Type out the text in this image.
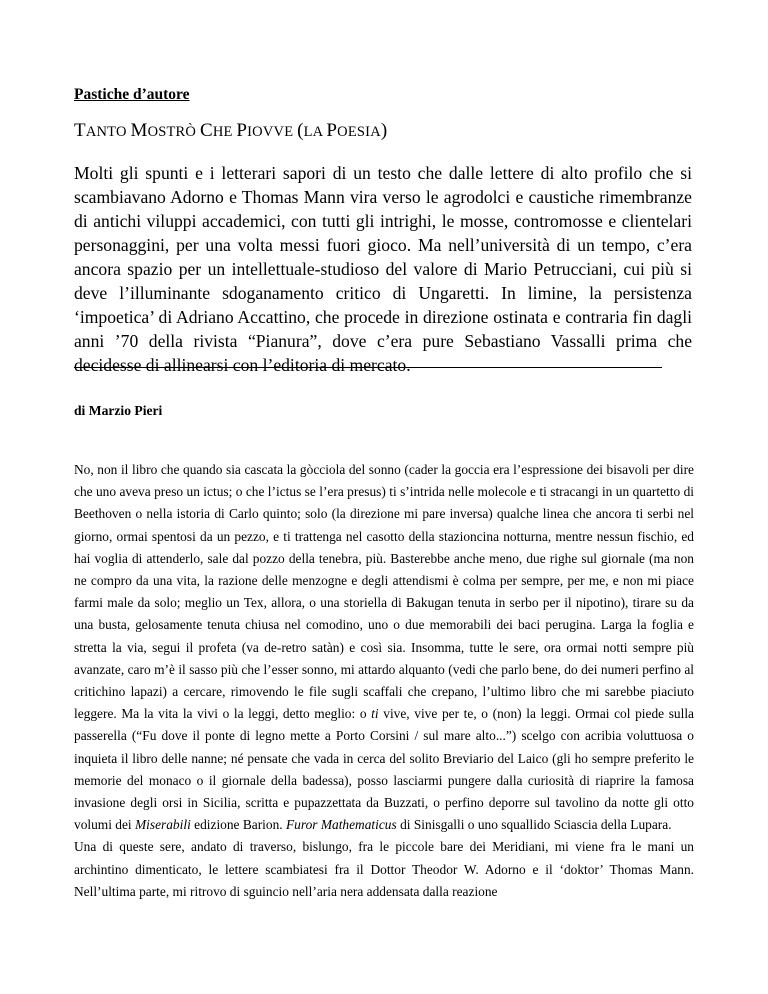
Pastiche d’autore

TANTO MOSTRÒ CHE PIOVVE (LA POESIA)

Molti gli spunti e i letterari sapori di un testo che dalle lettere di alto profilo che si scambiavano Adorno e Thomas Mann vira verso le agrodolci e caustiche rimembranze di antichi viluppi accademici, con tutti gli intrighi, le mosse, contromosse e clientelari personaggini, per una volta messi fuori gioco. Ma nell’università di un tempo, c’era ancora spazio per un intellettuale-studioso del valore di Mario Petrucciani, cui più si deve l’illuminante sdoganamento critico di Ungaretti. In limine, la persistenza ‘impoetica’ di Adriano Accattino, che procede in direzione ostinata e contraria fin dagli anni ’70 della rivista “Pianura”, dove c’era pure Sebastiano Vassalli prima che decidesse di allinearsi con l’editoria di mercato.

di Marzio Pieri

No, non il libro che quando sia cascata la gòcciola del sonno (cader la goccia era l’espressione dei bisavoli per dire che uno aveva preso un ictus; o che l’ictus se l’era presus) ti s’intrida nelle molecole e ti stracangi in un quartetto di Beethoven o nella istoria di Carlo quinto; solo (la direzione mi pare inversa) qualche linea che ancora ti serbi nel giorno, ormai spentosi da un pezzo, e ti trattenga nel casotto della stazioncina notturna, mentre nessun fischio, ed hai voglia di attenderlo, sale dal pozzo della tenebra, più. Basterebbe anche meno, due righe sul giornale (ma non ne compro da una vita, la razione delle menzogne e degli attendismi è colma per sempre, per me, e non mi piace farmi male da solo; meglio un Tex, allora, o una storiella di Bakugan tenuta in serbo per il nipotino), tirare su da una busta, gelosamente tenuta chiusa nel comodino, uno o due memorabili dei baci perugina. Larga la foglia e stretta la via, segui il profeta (va de-retro satàn) e così sia. Insomma, tutte le sere, ora ormai notti sempre più avanzate, caro m’è il sasso più che l’esser sonno, mi attardo alquanto (vedi che parlo bene, do dei numeri perfino al critichino lapazi) a cercare, rimovendo le file sugli scaffali che crepano, l’ultimo libro che mi sarebbe piaciuto leggere. Ma la vita la vivi o la leggi, detto meglio: o ti vive, vive per te, o (non) la leggi. Ormai col piede sulla passerella (“Fu dove il ponte di legno mette a Porto Corsini / sul mare alto...”) scelgo con acribia voluttuosa o inquieta il libro delle nanne; né pensate che vada in cerca del solito Breviario del Laico (gli ho sempre preferito le memorie del monaco o il giornale della badessa), posso lasciarmi pungere dalla curiosità di riaprire la famosa invasione degli orsi in Sicilia, scritta e pupazzettata da Buzzati, o perfino deporre sul tavolino da notte gli otto volumi dei Miserabili edizione Barion. Furor Mathematicus di Sinisgalli o uno squallido Sciascia della Lupara.

Una di queste sere, andato di traverso, bislungo, fra le piccole bare dei Meridiani, mi viene fra le mani un archintino dimenticato, le lettere scambiatesi fra il Dottor Theodor W. Adorno e il ‘doktor’ Thomas Mann. Nell’ultima parte, mi ritrovo di sguincio nell’aria nera addensata dalla reazione
